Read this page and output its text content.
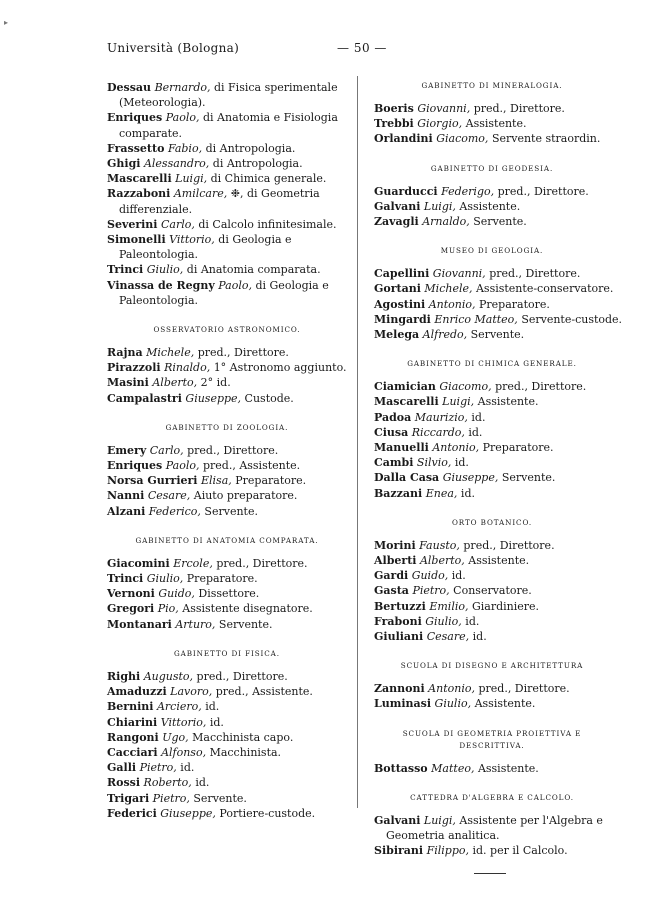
Università (Bologna)	— 50 —
Dessau Bernardo, di Fisica sperimentale (Meteorologia).
Enriques Paolo, di Anatomia e Fisiologia comparate.
Frassetto Fabio, di Antropologia.
Ghigi Alessandro, di Antropologia.
Mascarelli Luigi, di Chimica generale.
Razzaboni Amilcare, ❉, di Geometria differenziale.
Severini Carlo, di Calcolo infinitesimale.
Simonelli Vittorio, di Geologia e Paleontologia.
Trinci Giulio, di Anatomia comparata.
Vinassa de Regny Paolo, di Geologia e Paleontologia.
OSSERVATORIO ASTRONOMICO.
Rajna Michele, pred., Direttore.
Pirazzoli Rinaldo, 1° Astronomo aggiunto.
Masini Alberto, 2° id.
Campalastri Giuseppe, Custode.
GABINETTO DI ZOOLOGIA.
Emery Carlo, pred., Direttore.
Enriques Paolo, pred., Assistente.
Norsa Gurrieri Elisa, Preparatore.
Nanni Cesare, Aiuto preparatore.
Alzani Federico, Servente.
GABINETTO DI ANATOMIA COMPARATA.
Giacomini Ercole, pred., Direttore.
Trinci Giulio, Preparatore.
Vernoni Guido, Dissettore.
Gregori Pio, Assistente disegnatore.
Montanari Arturo, Servente.
GABINETTO DI FISICA.
Righi Augusto, pred., Direttore.
Amaduzzi Lavoro, pred., Assistente.
Bernini Arciero, id.
Chiarini Vittorio, id.
Rangoni Ugo, Macchinista capo.
Cacciari Alfonso, Macchinista.
Galli Pietro, id.
Rossi Roberto, id.
Trigari Pietro, Servente.
Federici Giuseppe, Portiere-custode.
GABINETTO DI MINERALOGIA.
Boeris Giovanni, pred., Direttore.
Trebbi Giorgio, Assistente.
Orlandini Giacomo, Servente straordin.
GABINETTO DI GEODESIA.
Guarducci Federigo, pred., Direttore.
Galvani Luigi, Assistente.
Zavagli Arnaldo, Servente.
MUSEO DI GEOLOGIA.
Capellini Giovanni, pred., Direttore.
Gortani Michele, Assistente-conservatore.
Agostini Antonio, Preparatore.
Mingardi Enrico Matteo, Servente-custode.
Melega Alfredo, Servente.
GABINETTO DI CHIMICA GENERALE.
Ciamician Giacomo, pred., Direttore.
Mascarelli Luigi, Assistente.
Padoa Maurizio, id.
Ciusa Riccardo, id.
Manuelli Antonio, Preparatore.
Cambi Silvio, id.
Dalla Casa Giuseppe, Servente.
Bazzani Enea, id.
ORTO BOTANICO.
Morini Fausto, pred., Direttore.
Alberti Alberto, Assistente.
Gardi Guido, id.
Gasta Pietro, Conservatore.
Bertuzzi Emilio, Giardiniere.
Fraboni Giulio, id.
Giuliani Cesare, id.
SCUOLA DI DISEGNO E ARCHITETTURA
Zannoni Antonio, pred., Direttore.
Luminasi Giulio, Assistente.
SCUOLA DI GEOMETRIA PROIETTIVA E DESCRITTIVA.
Bottasso Matteo, Assistente.
CATTEDRA D'ALGEBRA E CALCOLO.
Galvani Luigi, Assistente per l'Algebra e Geometria analitica.
Sibirani Filippo, id. per il Calcolo.
▸
